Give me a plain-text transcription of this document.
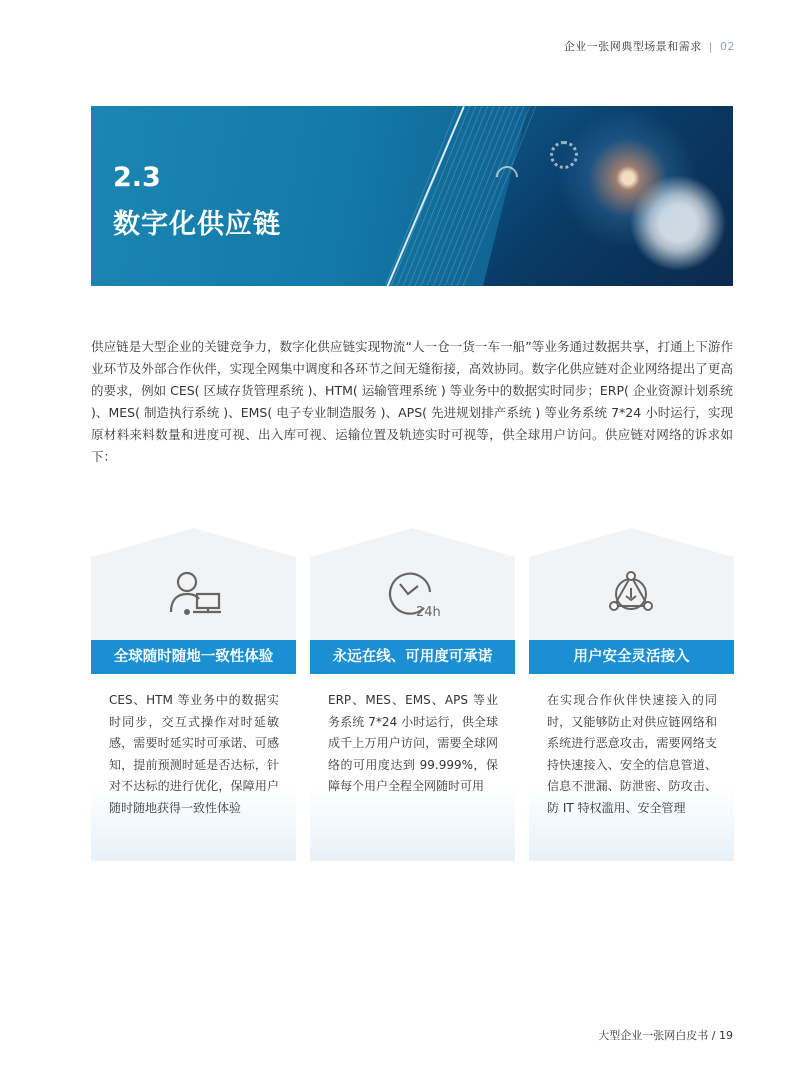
企业一张网典型场景和需求 | 02
2.3
数字化供应链
供应链是大型企业的关键竞争力，数字化供应链实现物流“人一仓一货一车一船”等业务通过数据共享，打通上下游作业环节及外部合作伙伴，实现全网集中调度和各环节之间无缝衔接，高效协同。数字化供应链对企业网络提出了更高的要求，例如 CES( 区域存货管理系统 )、HTM( 运输管理系统 ) 等业务中的数据实时同步；ERP( 企业资源计划系统 )、MES( 制造执行系统 )、EMS( 电子专业制造服务 )、APS( 先进规划排产系统 ) 等业务系统 7*24 小时运行，实现原材料来料数量和进度可视、出入库可视、运输位置及轨迹实时可视等，供全球用户访问。供应链对网络的诉求如下：
全球随时随地一致性体验
CES、HTM 等业务中的数据实时同步，交互式操作对时延敏感，需要时延实时可承诺、可感知，提前预测时延是否达标，针对不达标的进行优化，保障用户随时随地获得一致性体验
24h
永远在线、可用度可承诺
ERP、MES、EMS、APS 等业务系统 7*24 小时运行，供全球成千上万用户访问，需要全球网络的可用度达到 99.999%，保障每个用户全程全网随时可用
用户安全灵活接入
在实现合作伙伴快速接入的同时，又能够防止对供应链网络和系统进行恶意攻击，需要网络支持快速接入、安全的信息管道、信息不泄漏、防泄密、防攻击、防 IT 特权滥用、安全管理
大型企业一张网白皮书 / 19
